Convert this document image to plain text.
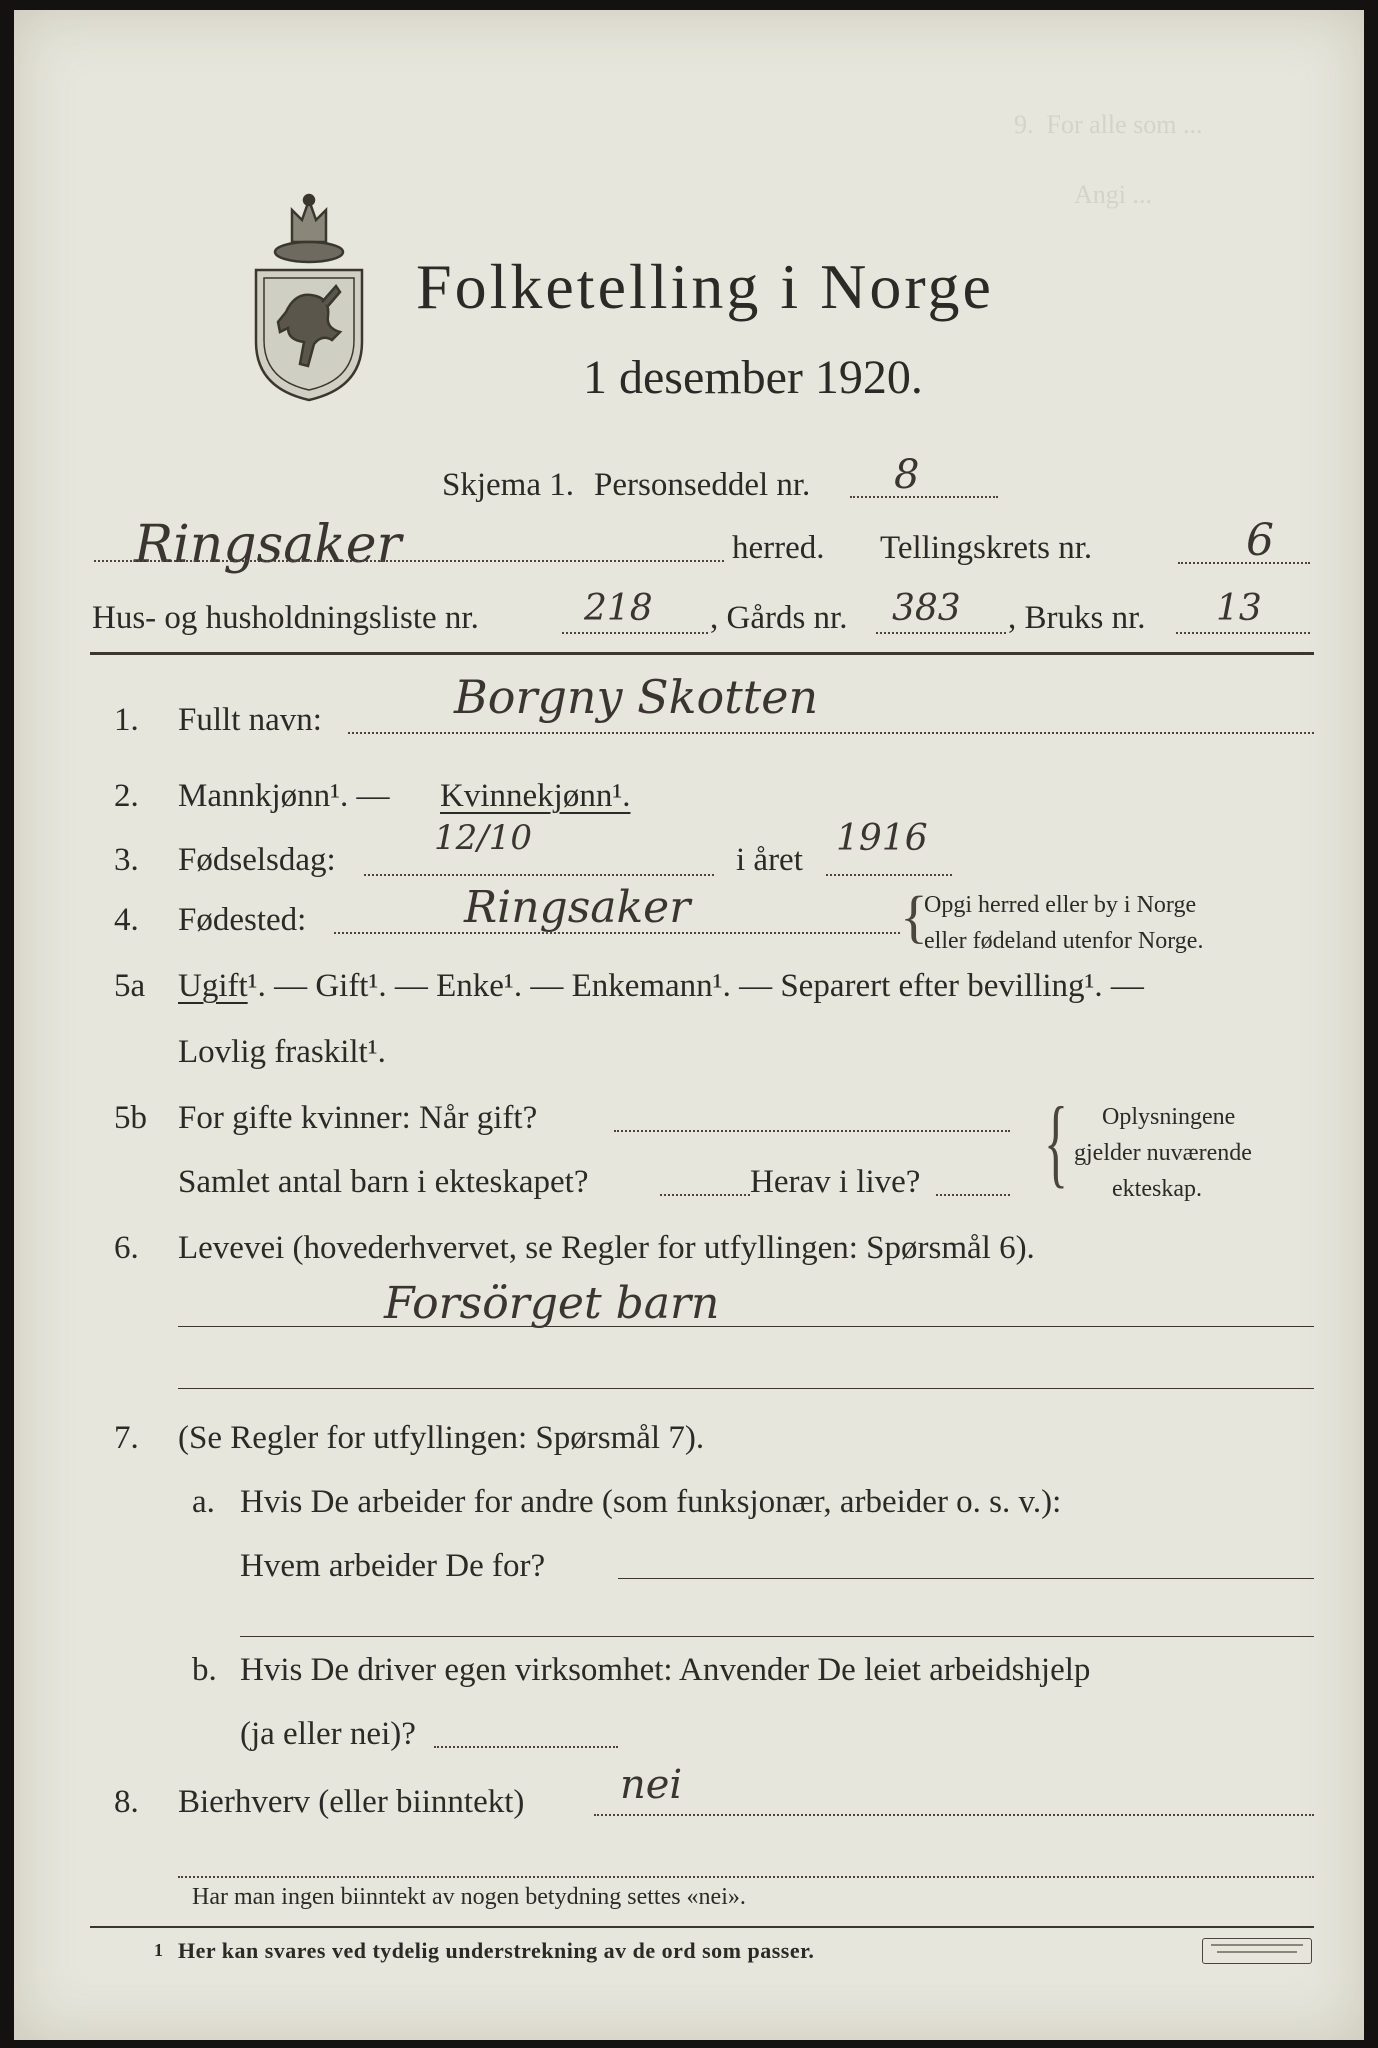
9.  For alle som ...
Angi ...
Folketelling i Norge
1 desember 1920.
Skjema 1. Personseddel nr. 8
Ringsaker	herred. Tellingskrets nr.	6
Hus- og husholdningsliste nr.	218 , Gårds nr. 383 , Bruks nr. 13
1. Fullt navn:	Borgny Skotten
2. Mannkjønn¹. — Kvinnekjønn¹.
3. Fødselsdag:
12/10
i året
1916
4. Fødested:	Ringsaker	{
Opgi herred eller by i Norge
eller fødeland utenfor Norge.
5a Ugift¹. — Gift¹. — Enke¹. — Enkemann¹. — Separert efter bevilling¹. —
Lovlig fraskilt¹.
5b For gifte kvinner: Når gift?
Samlet antal barn i ekteskapet?	Herav i live? { Oplysningene
gjelder nuværende
ekteskap.
6. Levevei (hovederhvervet, se Regler for utfyllingen: Spørsmål 6).
Forsörget barn
7. (Se Regler for utfyllingen: Spørsmål 7).
a. Hvis De arbeider for andre (som funksjonær, arbeider o. s. v.):
Hvem arbeider De for?
b. Hvis De driver egen virksomhet: Anvender De leiet arbeidshjelp
(ja eller nei)?
8. Bierhverv (eller biinntekt) nei
Har man ingen biinntekt av nogen betydning settes «nei».
1 Her kan svares ved tydelig understrekning av de ord som passer.
